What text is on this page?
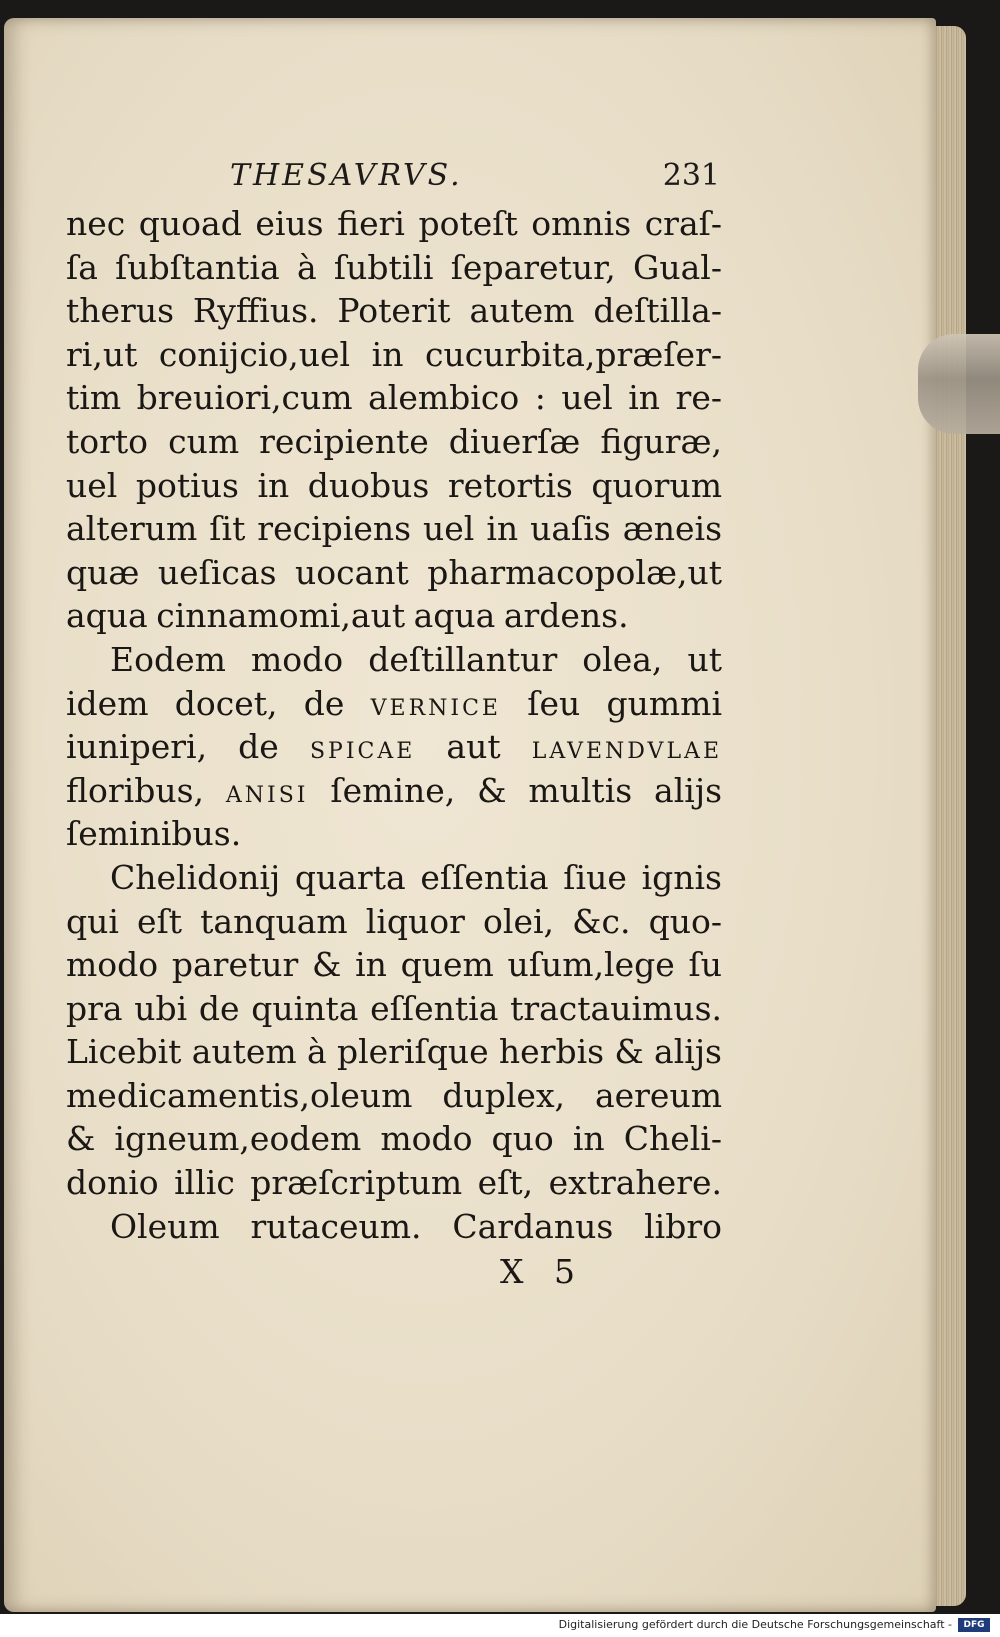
THESAVRVS.	231
nec quoad eius fieri poteſt omnis craſ-
ſa ſubſtantia à ſubtili ſeparetur, Gual-
therus Ryffius. Poterit autem deſtilla-
ri,ut conijcio,uel in cucurbita,præſer-
tim breuiori,cum alembico : uel in re-
torto cum recipiente diuerſæ figuræ,
uel potius in duobus retortis quorum
alterum ſit recipiens uel in uaſis æneis
quæ ueſicas uocant pharmacopolæ,ut
aqua cinnamomi,aut aqua ardens.
Eodem modo deſtillantur olea, ut
idem docet, de VERNICE ſeu gummi
iuniperi, de SPICAE aut LAVENDVLAE
floribus, ANISI ſemine, & multis alijs
ſeminibus.
Chelidonij quarta eſſentia ſiue ignis
qui eſt tanquam liquor olei, &c. quo-
modo paretur & in quem uſum,lege ſu
pra ubi de quinta eſſentia tractauimus.
Licebit autem à pleriſque herbis & alijs
medicamentis,oleum duplex, aereum
& igneum,eodem modo quo in Cheli-
donio illic præſcriptum eſt, extrahere.
Oleum rutaceum. Cardanus libro
X 5
Digitalisierung gefördert durch die Deutsche Forschungsgemeinschaft -	DFG
